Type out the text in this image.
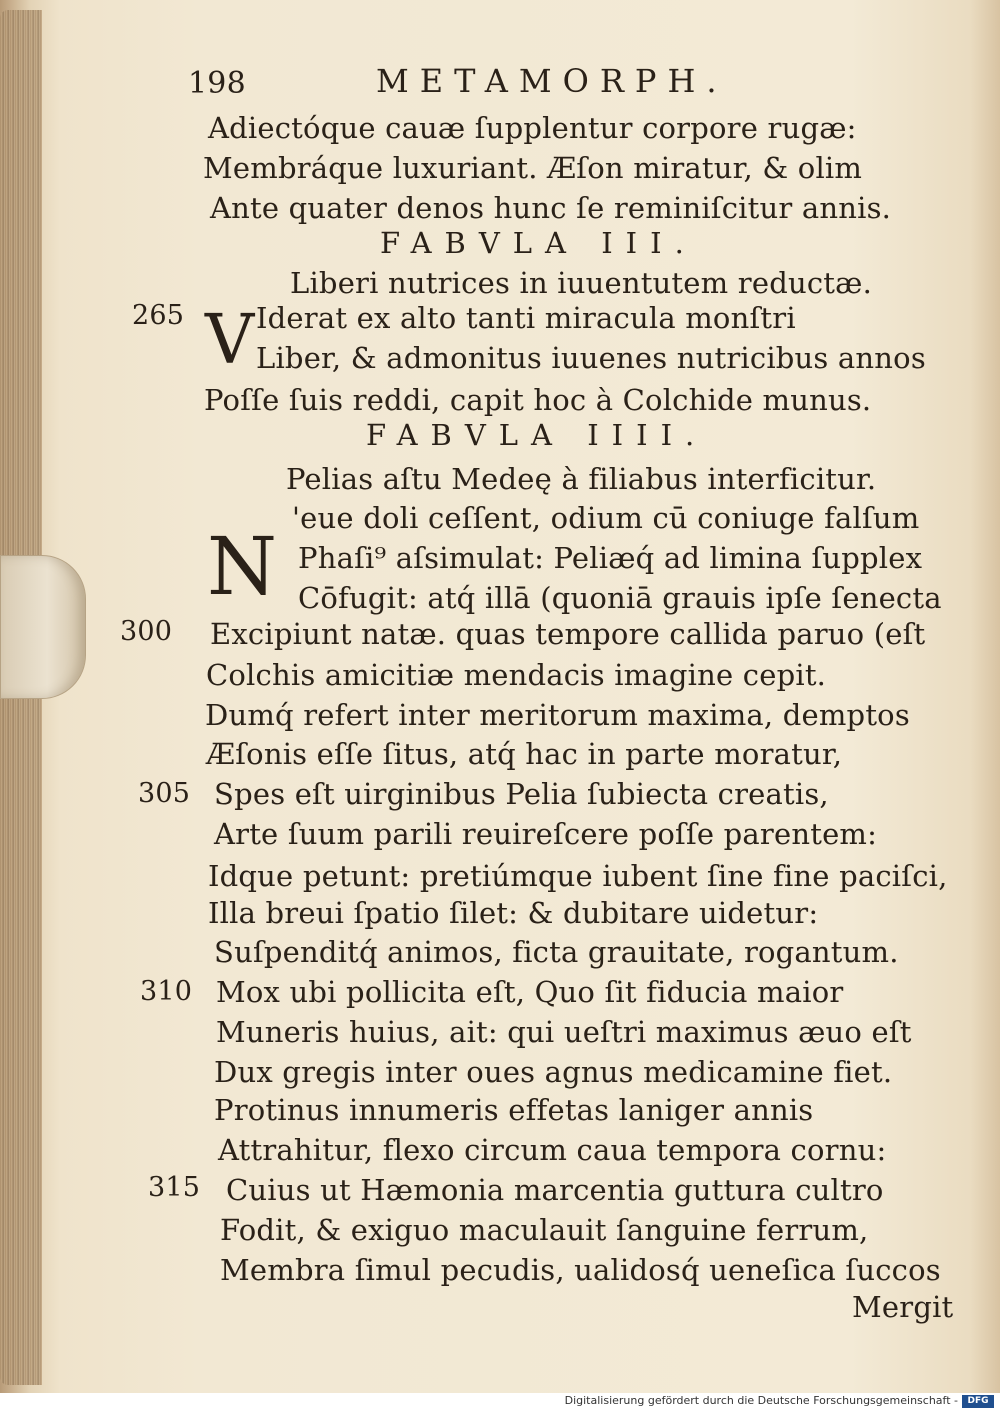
198	METAMORPH.
Adiectóque cauæ ſupplentur corpore rugæ:
Membráque luxuriant. Æſon miratur, & olim
Ante quater denos hunc ſe reminiſcitur annis.
FABVLA III.
Liberi nutrices in iuuentutem reductæ.
265 V Iderat ex alto tanti miracula monſtri
Liber, & admonitus iuuenes nutricibus annos
Poſſe ſuis reddi, capit hoc à Colchide munus.
FABVLA IIII.
Pelias aſtu Medeę à filiabus interficitur.
'eue doli ceſſent, odium cū coniuge falſum
N Phaſi⁹ aſsimulat: Peliæq́ ad limina ſupplex
Cōfugit: atq́ illā (quoniā grauis ipſe ſenecta
300 Excipiunt natæ. quas tempore callida paruo (eſt
Colchis amicitiæ mendacis imagine cepit.
Dumq́ refert inter meritorum maxima, demptos
Æſonis eſſe ſitus, atq́ hac in parte moratur,
305 Spes eſt uirginibus Pelia ſubiecta creatis,
Arte ſuum parili reuireſcere poſſe parentem:
Idque petunt: pretiúmque iubent ſine fine paciſci,
Illa breui ſpatio ſilet: & dubitare uidetur:
Suſpenditq́ animos, ficta grauitate, rogantum.
310 Mox ubi pollicita eſt, Quo ſit fiducia maior
Muneris huius, ait: qui ueſtri maximus æuo eſt
Dux gregis inter oues agnus medicamine fiet.
Protinus innumeris effetas laniger annis
Attrahitur, flexo circum caua tempora cornu:
315 Cuius ut Hæmonia marcentia guttura cultro
Fodit, & exiguo maculauit ſanguine ferrum,
Membra ſimul pecudis, ualidosq́ ueneſica ſuccos
Mergit
Digitalisierung gefördert durch die Deutsche Forschungsgemeinschaft -	DFG
